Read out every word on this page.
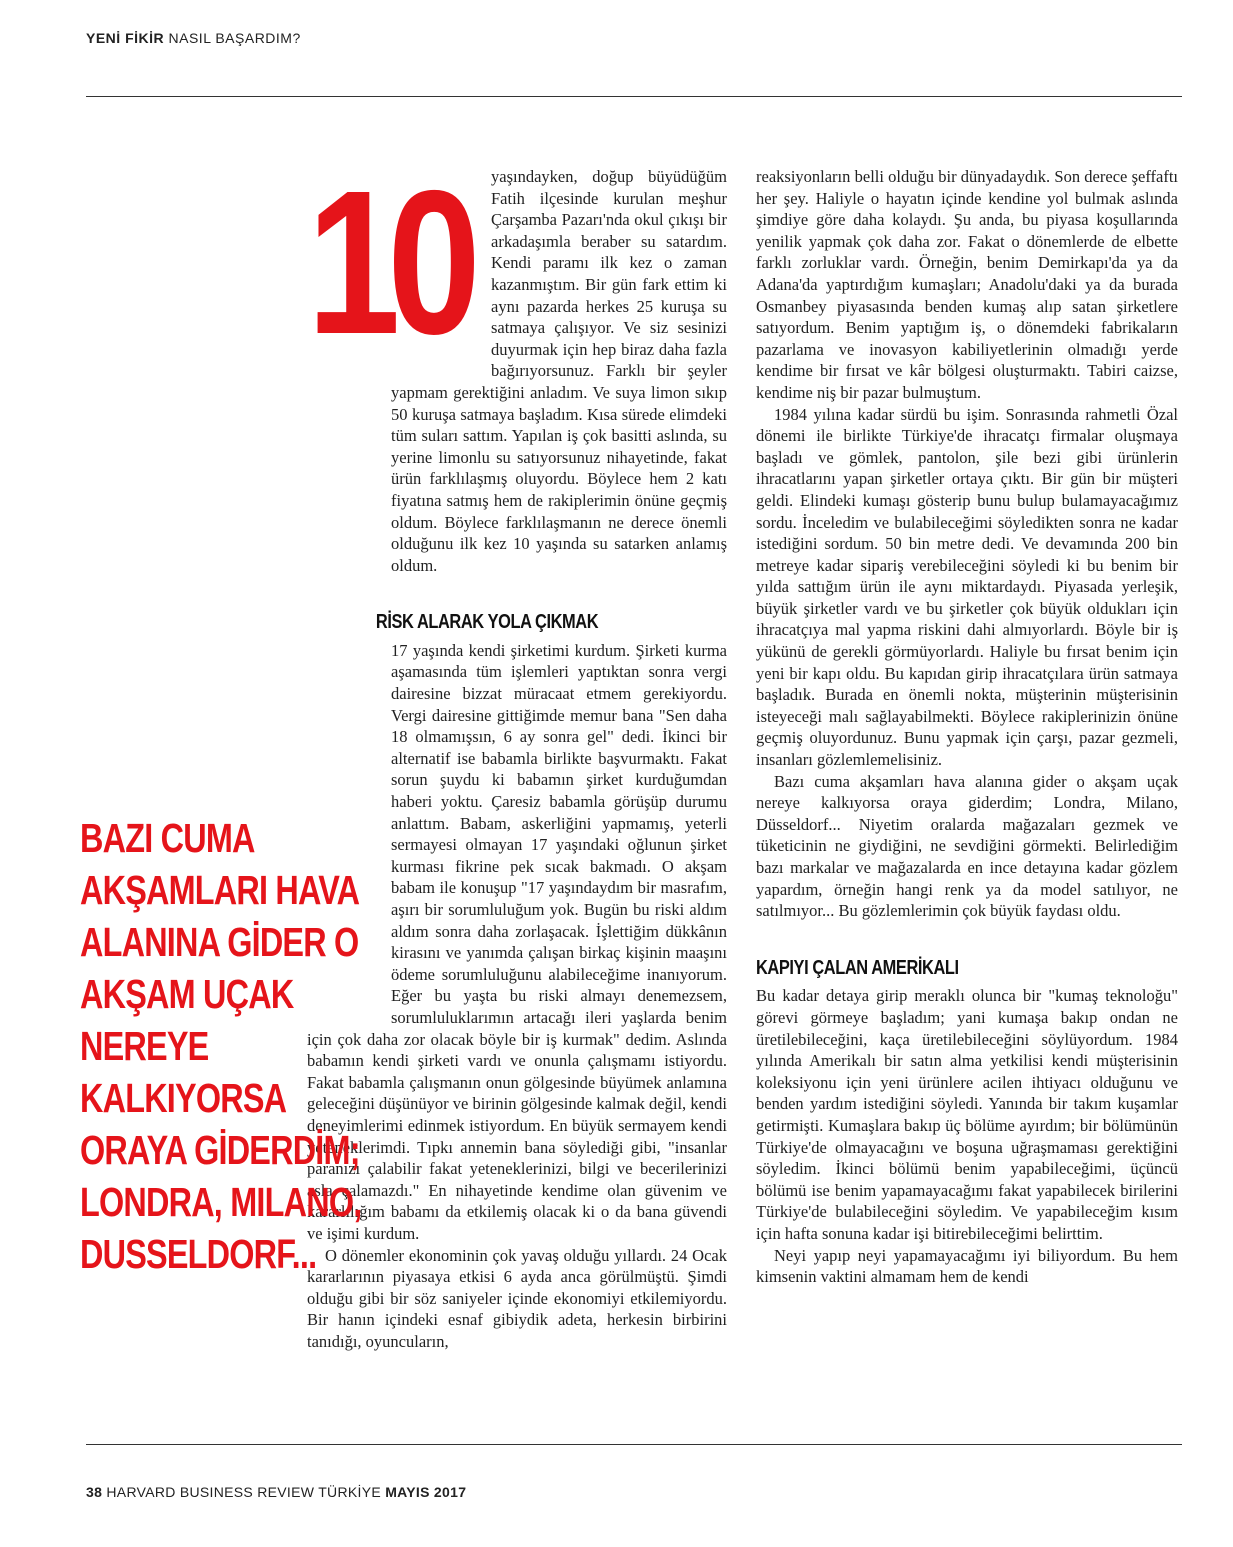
YENİ FİKİR NASIL BAŞARDIM?
10	yaşındayken, doğup büyüdüğüm Fatih ilçesinde kurulan meşhur Çarşamba Pazarı'nda okul çıkışı bir arkadaşımla beraber su satardım. Kendi paramı ilk kez o zaman kazanmıştım. Bir gün fark ettim ki aynı pazarda herkes 25 kuruşa su satmaya çalışıyor. Ve siz sesinizi duyurmak için hep biraz daha fazla bağırıyorsunuz. Farklı bir şeyler yapmam gerektiğini anladım. Ve suya limon sıkıp 50 kuruşa satmaya başladım. Kısa sürede elimdeki tüm suları sattım. Yapılan iş çok basitti aslında, su yerine limonlu su satıyorsunuz nihayetinde, fakat ürün farklılaşmış oluyordu. Böylece hem 2 katı fiyatına satmış hem de rakiplerimin önüne geçmiş oldum. Böylece farklılaşmanın ne derece önemli olduğunu ilk kez 10 yaşında su satarken anlamış oldum.

RİSK ALARAK YOLA ÇIKMAK

17 yaşında kendi şirketimi kurdum. Şirketi kurma aşamasında tüm işlemleri yaptıktan sonra vergi dairesine bizzat müracaat etmem gerekiyordu. Vergi dairesine gittiğimde memur bana "Sen daha 18 olmamışsın, 6 ay sonra gel" dedi. İkinci bir alternatif ise babamla birlikte başvurmaktı. Fakat sorun şuydu ki babamın şirket kurduğumdan haberi yoktu. Çaresiz babamla görüşüp durumu anlattım. Babam, askerliğini yapmamış, yeterli sermayesi olmayan 17 yaşındaki oğlunun şirket kurması fikrine pek sıcak bakmadı. O akşam babam ile konuşup "17 yaşındaydım bir masrafım, aşırı bir sorumluluğum yok. Bugün bu riski aldım aldım sonra daha zorlaşacak. İşlettiğim dükkânın kirasını ve yanımda çalışan birkaç kişinin maaşını ödeme sorumluluğunu alabileceğime inanıyorum. Eğer bu yaşta bu riski almayı denemezsem, sorumluluklarımın artacağı ileri yaşlarda benim için çok daha zor olacak böyle bir iş kurmak" dedim. Aslında babamın kendi şirketi vardı ve onunla çalışmamı istiyordu. Fakat babamla çalışmanın onun gölgesinde büyümek anlamına geleceğini düşünüyor ve birinin gölgesinde kalmak değil, kendi deneyimlerimi edinmek istiyordum. En büyük sermayem kendi yeteneklerimdi. Tıpkı annemin bana söylediği gibi, "insanlar paranızı çalabilir fakat yeteneklerinizi, bilgi ve becerilerinizi asla çalamazdı." En nihayetinde kendime olan güvenim ve kararlılığım babamı da etkilemiş olacak ki o da bana güvendi ve işimi kurdum.

O dönemler ekonominin çok yavaş olduğu yıllardı. 24 Ocak kararlarının piyasaya etkisi 6 ayda anca görülmüştü. Şimdi olduğu gibi bir söz saniyeler içinde ekonomiyi etkilemiyordu. Bir hanın içindeki esnaf gibiydik adeta, herkesin birbirini tanıdığı, oyuncuların,

reaksiyonların belli olduğu bir dünyadaydık. Son derece şeffaftı her şey. Haliyle o hayatın içinde kendine yol bulmak aslında şimdiye göre daha kolaydı. Şu anda, bu piyasa koşullarında yenilik yapmak çok daha zor. Fakat o dönemlerde de elbette farklı zorluklar vardı. Örneğin, benim Demirkapı'da ya da Adana'da yaptırdığım kumaşları; Anadolu'daki ya da burada Osmanbey piyasasında benden kumaş alıp satan şirketlere satıyordum. Benim yaptığım iş, o dönemdeki fabrikaların pazarlama ve inovasyon kabiliyetlerinin olmadığı yerde kendime bir fırsat ve kâr bölgesi oluşturmaktı. Tabiri caizse, kendime niş bir pazar bulmuştum.

1984 yılına kadar sürdü bu işim. Sonrasında rahmetli Özal dönemi ile birlikte Türkiye'de ihracatçı firmalar oluşmaya başladı ve gömlek, pantolon, şile bezi gibi ürünlerin ihracatlarını yapan şirketler ortaya çıktı. Bir gün bir müşteri geldi. Elindeki kumaşı gösterip bunu bulup bulamayacağımız sordu. İnceledim ve bulabileceğimi söyledikten sonra ne kadar istediğini sordum. 50 bin metre dedi. Ve devamında 200 bin metreye kadar sipariş verebileceğini söyledi ki bu benim bir yılda sattığım ürün ile aynı miktardaydı. Piyasada yerleşik, büyük şirketler vardı ve bu şirketler çok büyük oldukları için ihracatçıya mal yapma riskini dahi almıyorlardı. Böyle bir iş yükünü de gerekli görmüyorlardı. Haliyle bu fırsat benim için yeni bir kapı oldu. Bu kapıdan girip ihracatçılara ürün satmaya başladık. Burada en önemli nokta, müşterinin müşterisinin isteyeceği malı sağlayabilmekti. Böylece rakiplerinizin önüne geçmiş oluyordunuz. Bunu yapmak için çarşı, pazar gezmeli, insanları gözlemlemelisiniz.

Bazı cuma akşamları hava alanına gider o akşam uçak nereye kalkıyorsa oraya giderdim; Londra, Milano, Düsseldorf... Niyetim oralarda mağazaları gezmek ve tüketicinin ne giydiğini, ne sevdiğini görmekti. Belirlediğim bazı markalar ve mağazalarda en ince detayına kadar gözlem yapardım, örneğin hangi renk ya da model satılıyor, ne satılmıyor... Bu gözlemlerimin çok büyük faydası oldu.

KAPIYI ÇALAN AMERİKALI

Bu kadar detaya girip meraklı olunca bir "kumaş teknoloğu" görevi görmeye başladım; yani kumaşa bakıp ondan ne üretilebileceğini, kaça üretilebileceğini söylüyordum. 1984 yılında Amerikalı bir satın alma yetkilisi kendi müşterisinin koleksiyonu için yeni ürünlere acilen ihtiyacı olduğunu ve benden yardım istediğini söyledi. Yanında bir takım kuşamlar getirmişti. Kumaşlara bakıp üç bölüme ayırdım; bir bölümünün Türkiye'de olmayacağını ve boşuna uğraşmaması gerektiğini söyledim. İkinci bölümü benim yapabileceğimi, üçüncü bölümü ise benim yapamayacağımı fakat yapabilecek birilerini Türkiye'de bulabileceğini söyledim. Ve yapabileceğim kısım için hafta sonuna kadar işi bitirebileceğimi belirttim.

Neyi yapıp neyi yapamayacağımı iyi biliyordum. Bu hem kimsenin vaktini almamam hem de kendi

BAZI CUMA AKŞAMLARI HAVA ALANINA GİDER O AKŞAM UÇAK NEREYE KALKIYORSA ORAYA GİDERDİM; LONDRA, MILANO, DUSSELDORF...
38 HARVARD BUSINESS REVIEW TÜRKİYE MAYIS 2017
